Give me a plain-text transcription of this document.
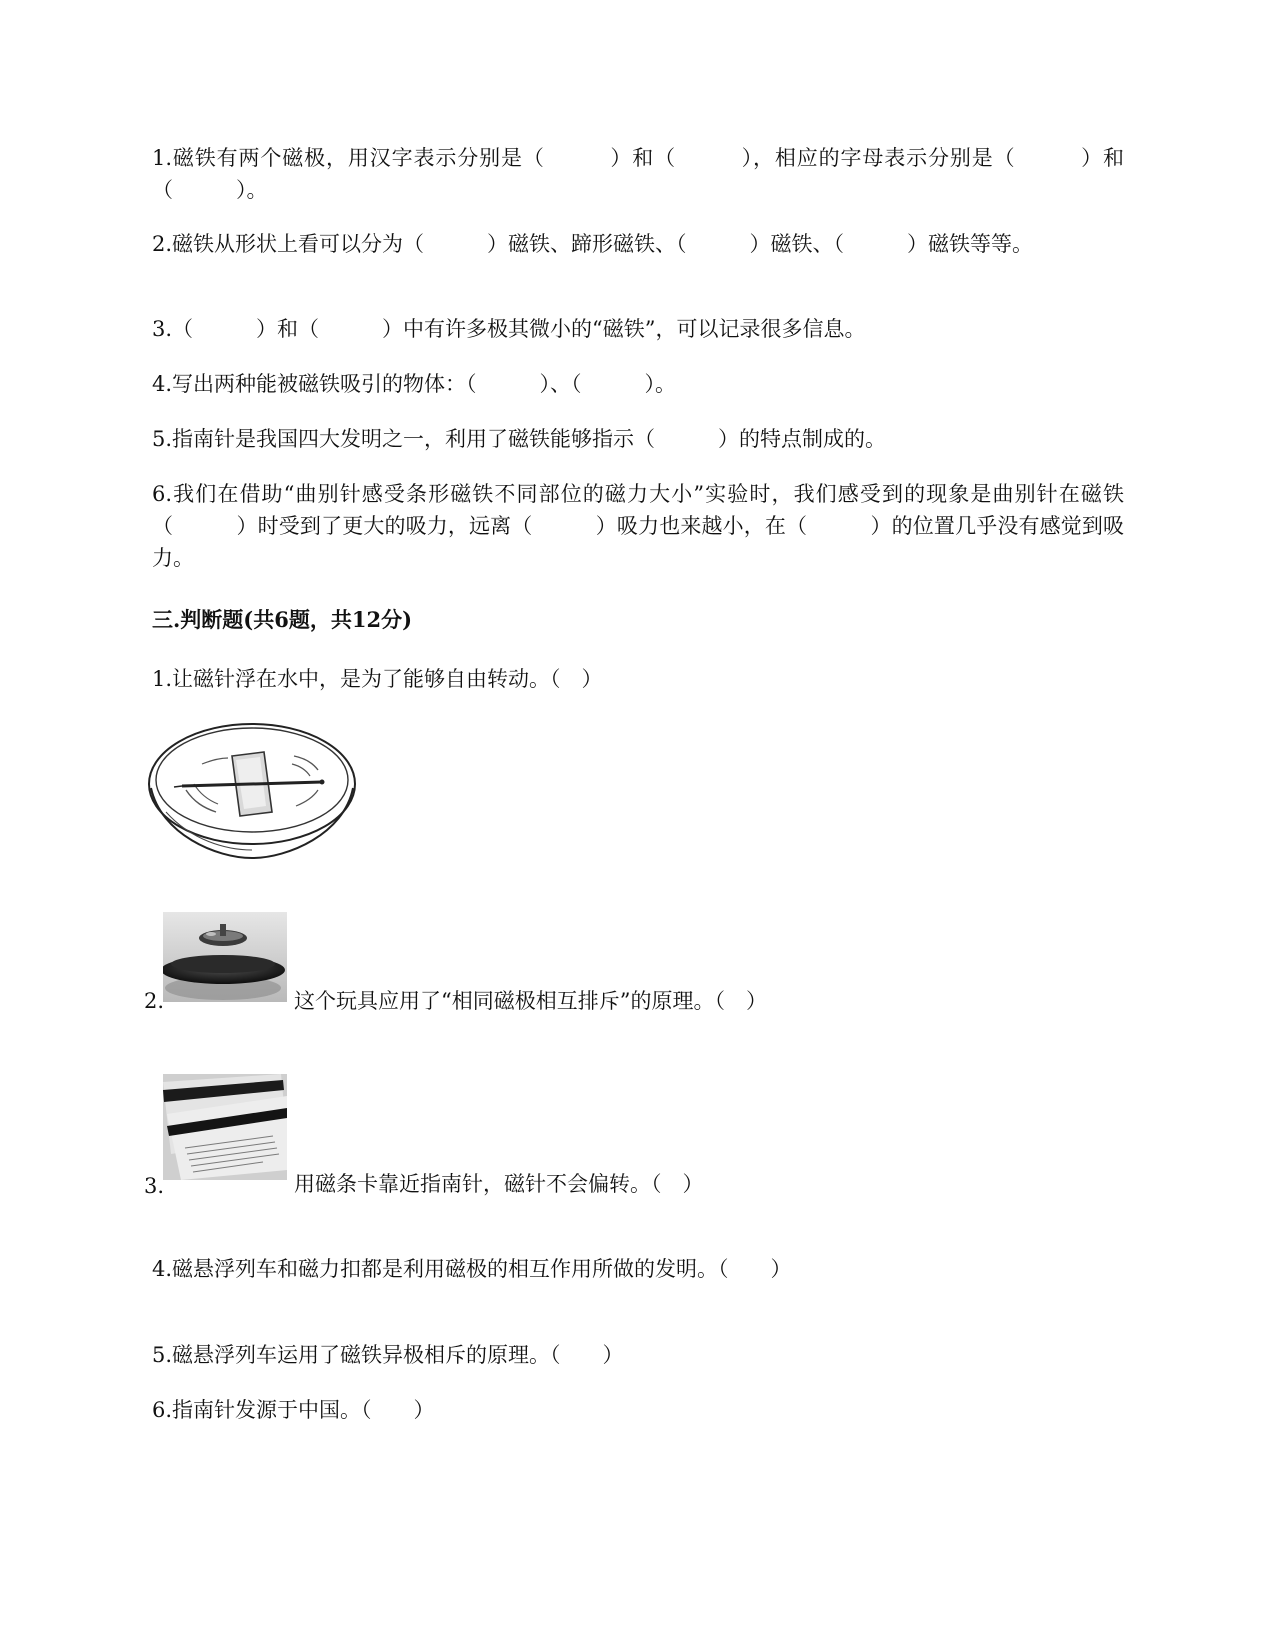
1.磁铁有两个磁极，用汉字表示分别是（　　　）和（　　　），相应的字母表示分别是（　　　）和（　　　）。

2.磁铁从形状上看可以分为（　　　）磁铁、蹄形磁铁、（　　　）磁铁、（　　　）磁铁等等。

3.（　　　）和（　　　）中有许多极其微小的“磁铁”，可以记录很多信息。

4.写出两种能被磁铁吸引的物体：（　　　）、（　　　）。

5.指南针是我国四大发明之一，利用了磁铁能够指示（　　　）的特点制成的。

6.我们在借助“曲别针感受条形磁铁不同部位的磁力大小”实验时，我们感受到的现象是曲别针在磁铁（　　　）时受到了更大的吸力，远离（　　　）吸力也来越小，在（　　　）的位置几乎没有感觉到吸力。

三.判断题(共6题，共12分)

1.让磁针浮在水中，是为了能够自由转动。（　）

2.	这个玩具应用了“相同磁极相互排斥”的原理。（　）

3.	用磁条卡靠近指南针，磁针不会偏转。（　）

4.磁悬浮列车和磁力扣都是利用磁极的相互作用所做的发明。（　　）

5.磁悬浮列车运用了磁铁异极相斥的原理。（　　）

6.指南针发源于中国。（　　）
